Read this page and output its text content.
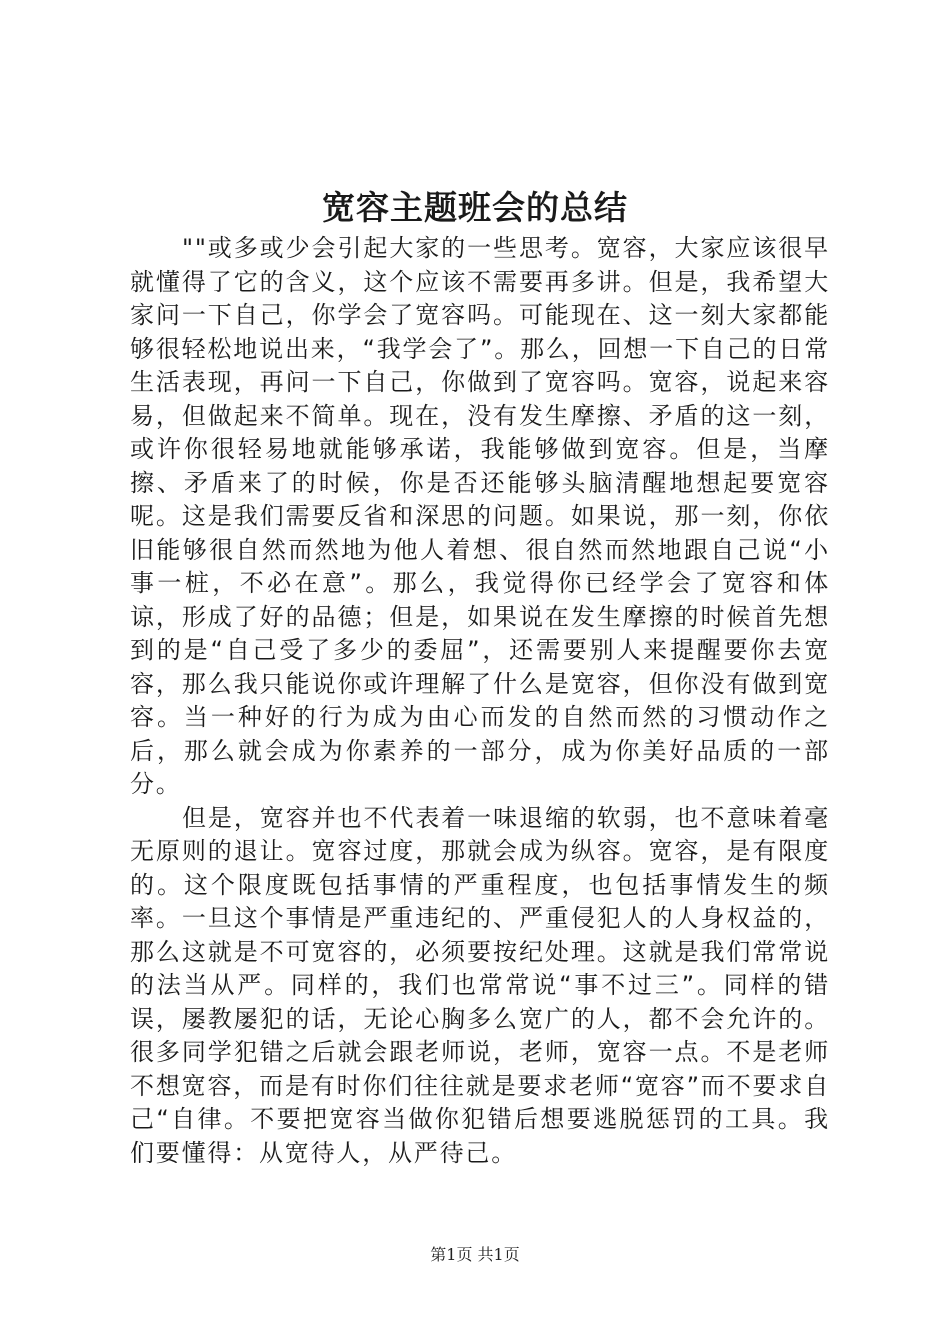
宽容主题班会的总结

""或多或少会引起大家的一些思考。宽容，大家应该很早就懂得了它的含义，这个应该不需要再多讲。但是，我希望大家问一下自己，你学会了宽容吗。可能现在、这一刻大家都能够很轻松地说出来，“我学会了”。那么，回想一下自己的日常生活表现，再问一下自己，你做到了宽容吗。宽容，说起来容易，但做起来不简单。现在，没有发生摩擦、矛盾的这一刻，或许你很轻易地就能够承诺，我能够做到宽容。但是，当摩擦、矛盾来了的时候，你是否还能够头脑清醒地想起要宽容呢。这是我们需要反省和深思的问题。如果说，那一刻，你依旧能够很自然而然地为他人着想、很自然而然地跟自己说“小事一桩，不必在意”。那么，我觉得你已经学会了宽容和体谅，形成了好的品德；但是，如果说在发生摩擦的时候首先想到的是“自己受了多少的委屈”，还需要别人来提醒要你去宽容，那么我只能说你或许理解了什么是宽容，但你没有做到宽容。当一种好的行为成为由心而发的自然而然的习惯动作之后，那么就会成为你素养的一部分，成为你美好品质的一部分。

但是，宽容并也不代表着一味退缩的软弱，也不意味着毫无原则的退让。宽容过度，那就会成为纵容。宽容，是有限度的。这个限度既包括事情的严重程度，也包括事情发生的频率。一旦这个事情是严重违纪的、严重侵犯人的人身权益的，那么这就是不可宽容的，必须要按纪处理。这就是我们常常说的法当从严。同样的，我们也常常说“事不过三”。同样的错误，屡教屡犯的话，无论心胸多么宽广的人，都不会允许的。很多同学犯错之后就会跟老师说，老师，宽容一点。不是老师不想宽容，而是有时你们往往就是要求老师“宽容”而不要求自己“自律。不要把宽容当做你犯错后想要逃脱惩罚的工具。我们要懂得：从宽待人，从严待己。

第1页 共1页
